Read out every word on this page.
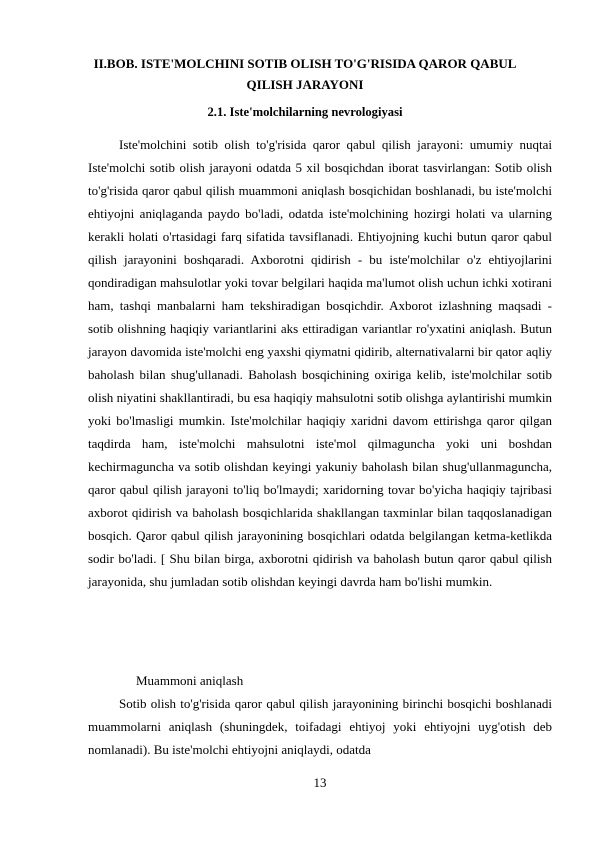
II.BOB. ISTE'MOLCHINI SOTIB OLISH TO'G'RISIDA QAROR QABUL
QILISH JARAYONI
2.1. Iste'molchilarning nevrologiyasi
Iste'molchini sotib olish to'g'risida qaror qabul qilish jarayoni: umumiy nuqtai Iste'molchi sotib olish jarayoni odatda 5 xil bosqichdan iborat tasvirlangan: Sotib olish to'g'risida qaror qabul qilish muammoni aniqlash bosqichidan boshlanadi, bu iste'molchi ehtiyojni aniqlaganda paydo bo'ladi, odatda iste'molchining hozirgi holati va ularning kerakli holati o'rtasidagi farq sifatida tavsiflanadi. Ehtiyojning kuchi butun qaror qabul qilish jarayonini boshqaradi. Axborotni qidirish - bu iste'molchilar o'z ehtiyojlarini qondiradigan mahsulotlar yoki tovar belgilari haqida ma'lumot olish uchun ichki xotirani ham, tashqi manbalarni ham tekshiradigan bosqichdir. Axborot izlashning maqsadi - sotib olishning haqiqiy variantlarini aks ettiradigan variantlar ro'yxatini aniqlash. Butun jarayon davomida iste'molchi eng yaxshi qiymatni qidirib, alternativalarni bir qator aqliy baholash bilan shug'ullanadi. Baholash bosqichining oxiriga kelib, iste'molchilar sotib olish niyatini shakllantiradi, bu esa haqiqiy mahsulotni sotib olishga aylantirishi mumkin yoki bo'lmasligi mumkin. Iste'molchilar haqiqiy xaridni davom ettirishga qaror qilgan taqdirda ham, iste'molchi mahsulotni iste'mol qilmaguncha yoki uni boshdan kechirmaguncha va sotib olishdan keyingi yakuniy baholash bilan shug'ullanmaguncha, qaror qabul qilish jarayoni to'liq bo'lmaydi; xaridorning tovar bo'yicha haqiqiy tajribasi axborot qidirish va baholash bosqichlarida shakllangan taxminlar bilan taqqoslanadigan bosqich. Qaror qabul qilish jarayonining bosqichlari odatda belgilangan ketma-ketlikda sodir bo'ladi. [ Shu bilan birga, axborotni qidirish va baholash butun qaror qabul qilish jarayonida, shu jumladan sotib olishdan keyingi davrda ham bo'lishi mumkin.
Muammoni aniqlash
Sotib olish to'g'risida qaror qabul qilish jarayonining birinchi bosqichi boshlanadi muammolarni aniqlash (shuningdek, toifadagi ehtiyoj yoki ehtiyojni uyg'otish deb nomlanadi). Bu iste'molchi ehtiyojni aniqlaydi, odatda
13
